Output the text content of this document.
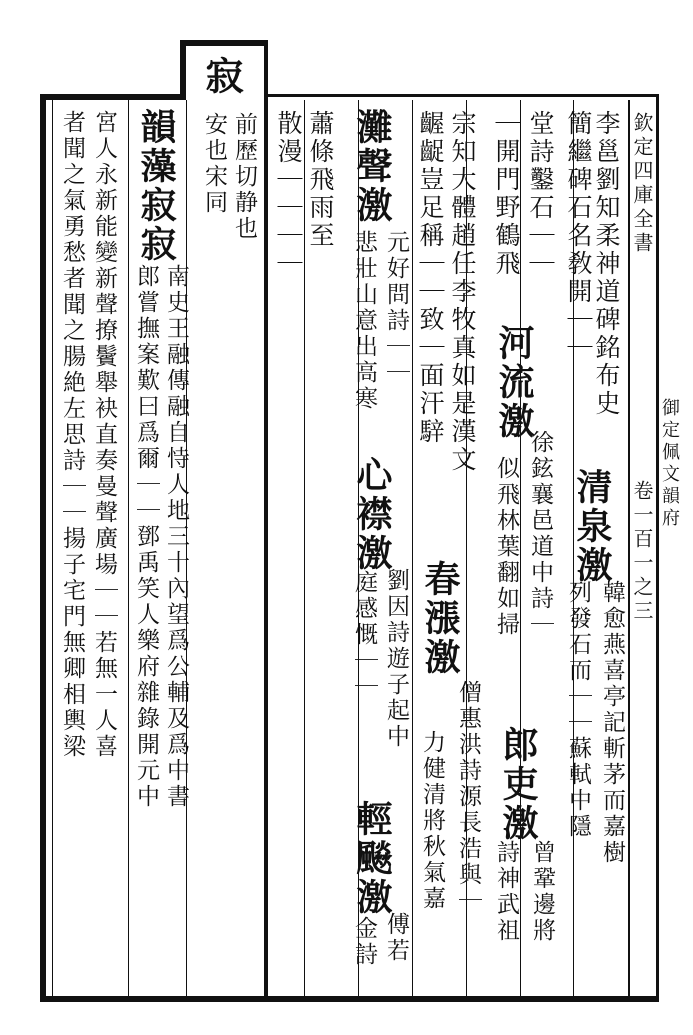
欽定四庫全書
御定佩文韻府
卷一百一之三
寂
前歷切静也
安也宋同	李邕劉知柔神道碑銘布史
簡繼碑石名敎開｜｜
清泉激
韓愈燕喜亭記斬茅而嘉樹
列發石而｜｜蘇軾中隱
堂詩鑿石｜｜
河流激
徐鉉襄邑道中詩｜
｜開門野鶴飛
似飛林葉翻如掃
郎吏激
曾鞏邊將
詩神武祖
宗知大體趙任李牧真如是漢文
春漲激
僧惠洪詩源長浩與｜
齷齪豈足稱｜｜致｜面汗騂
力健清將秋氣嘉
灘聲激
元好問詩｜｜
心襟激
劉因詩遊子起中
輕飈激
傅若
悲壯山意出高寒
庭感慨｜｜
金詩
蕭條飛雨至
散漫｜｜｜｜
韻藻寂寂
南史王融傳融自恃人地三十內望爲公輔及爲中書
郎嘗撫案歎曰爲爾｜｜鄧禹笑人樂府雜錄開元中
宮人永新能變新聲撩鬢舉袂直奏曼聲廣場｜｜若無一人喜
者聞之氣勇愁者聞之腸絶左思詩｜｜揚子宅門無卿相輿梁
